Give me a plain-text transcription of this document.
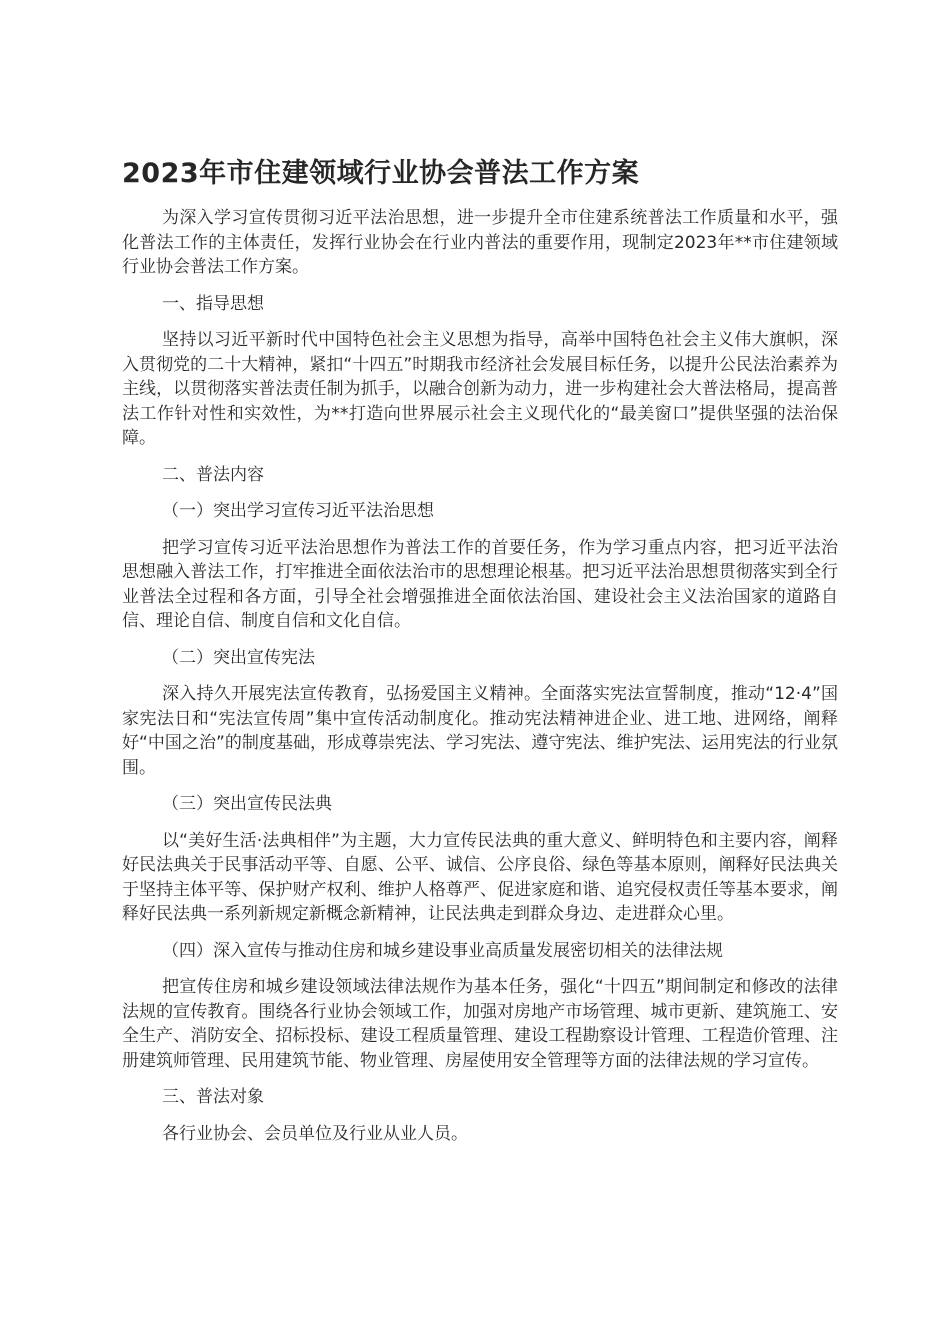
2023年市住建领域行业协会普法工作方案

为深入学习宣传贯彻习近平法治思想，进一步提升全市住建系统普法工作质量和水平，强化普法工作的主体责任，发挥行业协会在行业内普法的重要作用，现制定2023年**市住建领域行业协会普法工作方案。

一、指导思想

坚持以习近平新时代中国特色社会主义思想为指导，高举中国特色社会主义伟大旗帜，深入贯彻党的二十大精神，紧扣“十四五”时期我市经济社会发展目标任务，以提升公民法治素养为主线，以贯彻落实普法责任制为抓手，以融合创新为动力，进一步构建社会大普法格局，提高普法工作针对性和实效性，为**打造向世界展示社会主义现代化的“最美窗口”提供坚强的法治保障。

二、普法内容

（一）突出学习宣传习近平法治思想

把学习宣传习近平法治思想作为普法工作的首要任务，作为学习重点内容，把习近平法治思想融入普法工作，打牢推进全面依法治市的思想理论根基。把习近平法治思想贯彻落实到全行业普法全过程和各方面，引导全社会增强推进全面依法治国、建设社会主义法治国家的道路自信、理论自信、制度自信和文化自信。

（二）突出宣传宪法

深入持久开展宪法宣传教育，弘扬爱国主义精神。全面落实宪法宣誓制度，推动“12·4”国家宪法日和“宪法宣传周”集中宣传活动制度化。推动宪法精神进企业、进工地、进网络，阐释好“中国之治”的制度基础，形成尊崇宪法、学习宪法、遵守宪法、维护宪法、运用宪法的行业氛围。

（三）突出宣传民法典

以“美好生活·法典相伴”为主题，大力宣传民法典的重大意义、鲜明特色和主要内容，阐释好民法典关于民事活动平等、自愿、公平、诚信、公序良俗、绿色等基本原则，阐释好民法典关于坚持主体平等、保护财产权利、维护人格尊严、促进家庭和谐、追究侵权责任等基本要求，阐释好民法典一系列新规定新概念新精神，让民法典走到群众身边、走进群众心里。

（四）深入宣传与推动住房和城乡建设事业高质量发展密切相关的法律法规

把宣传住房和城乡建设领域法律法规作为基本任务，强化“十四五”期间制定和修改的法律法规的宣传教育。围绕各行业协会领域工作，加强对房地产市场管理、城市更新、建筑施工、安全生产、消防安全、招标投标、建设工程质量管理、建设工程勘察设计管理、工程造价管理、注册建筑师管理、民用建筑节能、物业管理、房屋使用安全管理等方面的法律法规的学习宣传。

三、普法对象

各行业协会、会员单位及行业从业人员。
